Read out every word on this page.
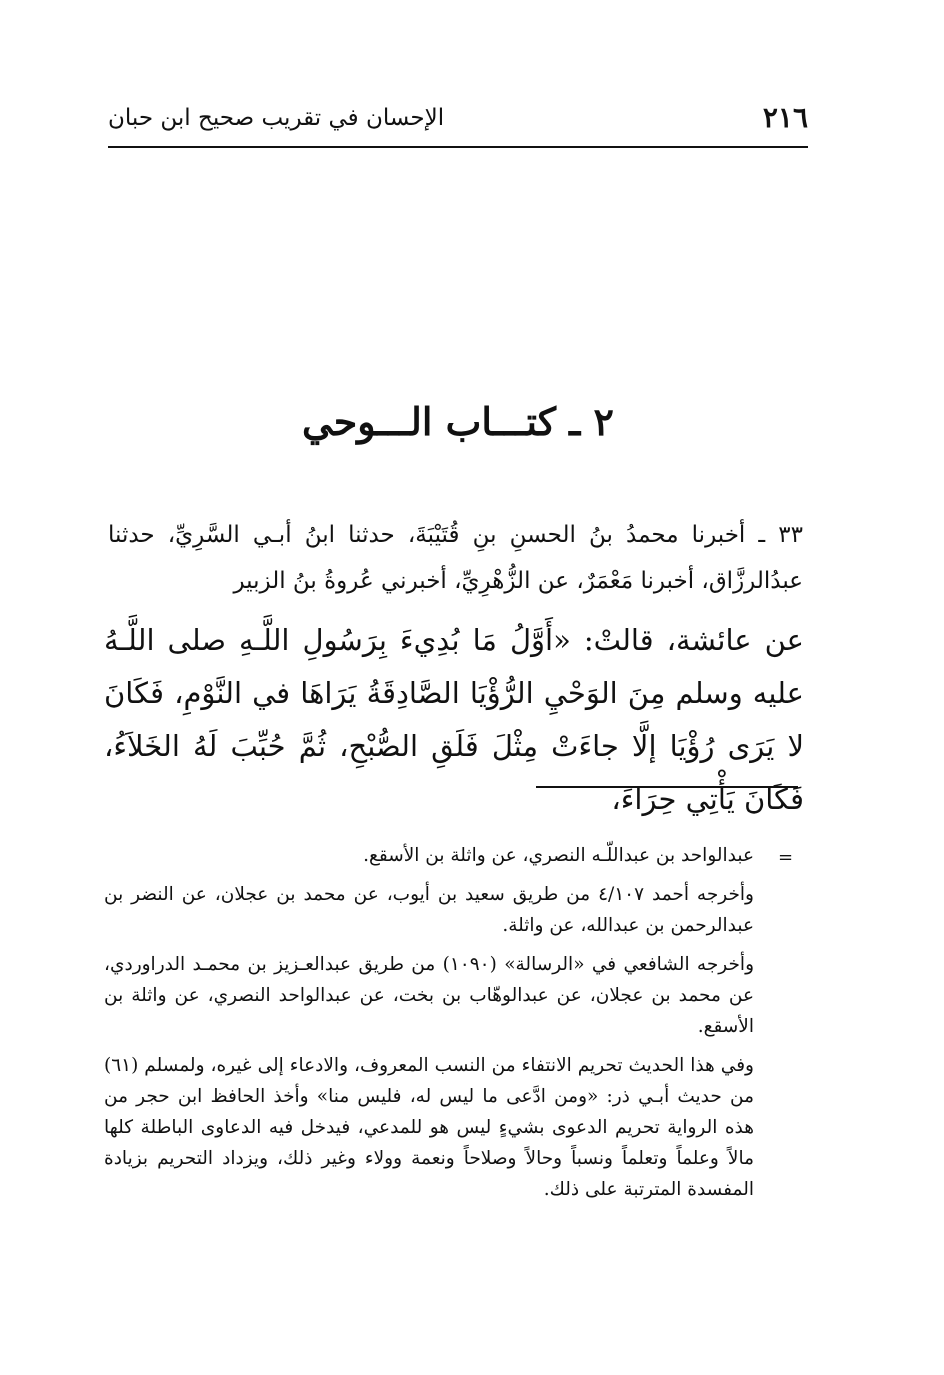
٢١٦
الإحسان في تقريب صحيح ابن حبان
٢ ـ كتـــاب الـــوحي
٣٣ ـ أخبرنا محمدُ بنُ الحسنِ بنِ قُتَيْبَةَ، حدثنا ابنُ أبـي السَّرِيِّ، حدثنا عبدُالرزَّاق، أخبرنا مَعْمَرٌ، عن الزُّهْرِيِّ، أخبرني عُروةُ بنُ الزبير
عن عائشة، قالتْ: «أَوَّلُ مَا بُدِيءَ بِرَسُولِ اللَّـهِ صلى اللَّـهُ عليه وسلم مِنَ الوَحْيِ الرُّؤْيَا الصَّادِقَةُ يَرَاهَا في النَّوْمِ، فَكَانَ لا يَرَى رُؤْيَا إلَّا جاءَتْ مِثْلَ فَلَقِ الصُّبْحِ، ثُمَّ حُبِّبَ لَهُ الخَلاَءُ، فَكَانَ يَأْتِي حِرَاءَ،
=

عبدالواحد بن عبداللّـه النصري، عن واثلة بن الأسقع.

وأخرجه أحمد ٤/١٠٧ من طريق سعيد بن أيوب، عن محمد بن عجلان، عن النضر بن عبدالرحمن بن عبدالله، عن واثلة.

وأخرجه الشافعي في «الرسالة» (١٠٩٠) من طريق عبدالعـزيز بن محمـد الدراوردي، عن محمد بن عجلان، عن عبدالوهّاب بن بخت، عن عبدالواحد النصري، عن واثلة بن الأسقع.

وفي هذا الحديث تحريم الانتفاء من النسب المعروف، والادعاء إلى غيره، ولمسلم (٦١) من حديث أبـي ذر: «ومن ادَّعى ما ليس له، فليس منا» وأخذ الحافظ ابن حجر من هذه الرواية تحريم الدعوى بشيءٍ ليس هو للمدعي، فيدخل فيه الدعاوى الباطلة كلها مالاً وعلماً وتعلماً ونسباً وحالاً وصلاحاً ونعمة وولاء وغير ذلك، ويزداد التحريم بزيادة المفسدة المترتبة على ذلك.
